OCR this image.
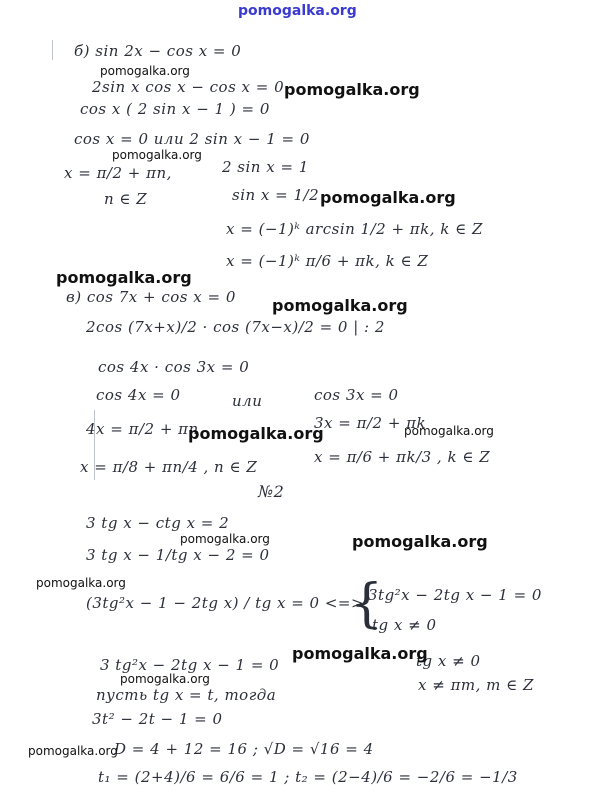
pomogalka.org
б) sin 2x − cos x = 0
2sin x cos x − cos x = 0
cos x ( 2 sin x − 1 ) = 0
cos x = 0 или 2 sin x − 1 = 0
x = π/2 + πn,	2 sin x = 1
n ∈ Z	sin x = 1/2
x = (−1)ᵏ arcsin 1/2 + πk, k ∈ Z
x = (−1)ᵏ π/6 + πk, k ∈ Z
в) cos 7x + cos x = 0
2cos (7x+x)/2 · cos (7x−x)/2 = 0 | : 2
cos 4x · cos 3x = 0
cos 4x = 0	или	cos 3x = 0
4x = π/2 + πn	3x = π/2 + πk
x = π/8 + πn/4 , n ∈ Z
x = π/6 + πk/3 , k ∈ Z
№2
3 tg x − ctg x = 2
3 tg x − 1/tg x − 2 = 0
(3tg²x − 1 − 2tg x) / tg x = 0 <=>
{
3tg²x − 2tg x − 1 = 0
tg x ≠ 0
3 tg²x − 2tg x − 1 = 0	tg x ≠ 0
пусть tg x = t, тогда
x ≠ πm, m ∈ Z
3t² − 2t − 1 = 0
D = 4 + 12 = 16 ; √D = √16 = 4
t₁ = (2+4)/6 = 6/6 = 1 ; t₂ = (2−4)/6 = −2/6 = −1/3
pomogalka.org
pomogalka.org
pomogalka.org
pomogalka.org
pomogalka.org
pomogalka.org
pomogalka.org	pomogalka.org
pomogalka.org	pomogalka.org
pomogalka.org
pomogalka.org
pomogalka.org
pomogalka.org
